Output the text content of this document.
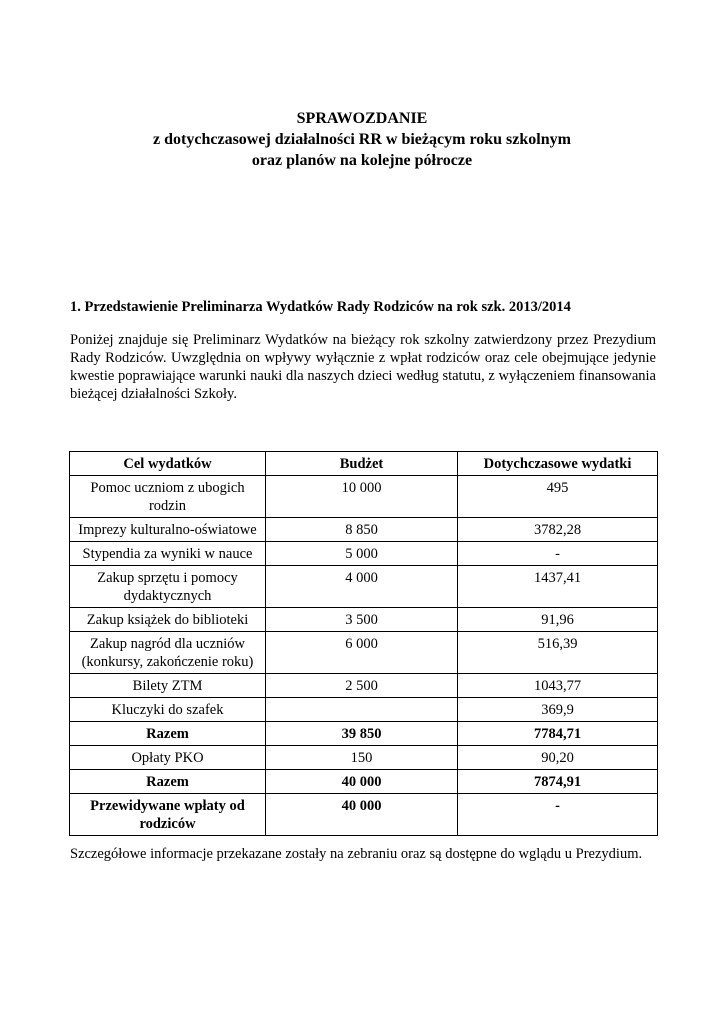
SPRAWOZDANIE
z dotychczasowej działalności RR w bieżącym roku szkolnym
oraz planów na kolejne półrocze
1. Przedstawienie Preliminarza Wydatków Rady Rodziców na rok szk. 2013/2014
Poniżej znajduje się Preliminarz Wydatków na bieżący rok szkolny zatwierdzony przez Prezydium Rady Rodziców. Uwzględnia on wpływy wyłącznie z wpłat rodziców oraz cele obejmujące jedynie kwestie poprawiające warunki nauki dla naszych dzieci według statutu, z wyłączeniem finansowania bieżącej działalności Szkoły.
Cel wydatków	Budżet	Dotychczasowe wydatki
Pomoc uczniom z ubogich rodzin	10 000	495
Imprezy kulturalno-oświatowe	8 850	3782,28
Stypendia za wyniki w nauce	5 000	-
Zakup sprzętu i pomocy dydaktycznych	4 000	1437,41
Zakup książek do biblioteki	3 500	91,96
Zakup nagród dla uczniów (konkursy, zakończenie roku)	6 000	516,39
Bilety ZTM	2 500	1043,77
Kluczyki do szafek		369,9
Razem	39 850	7784,71
Opłaty PKO	150	90,20
Razem	40 000	7874,91
Przewidywane wpłaty od rodziców	40 000	-
Szczegółowe informacje przekazane zostały na zebraniu oraz są dostępne do wglądu u Prezydium.
